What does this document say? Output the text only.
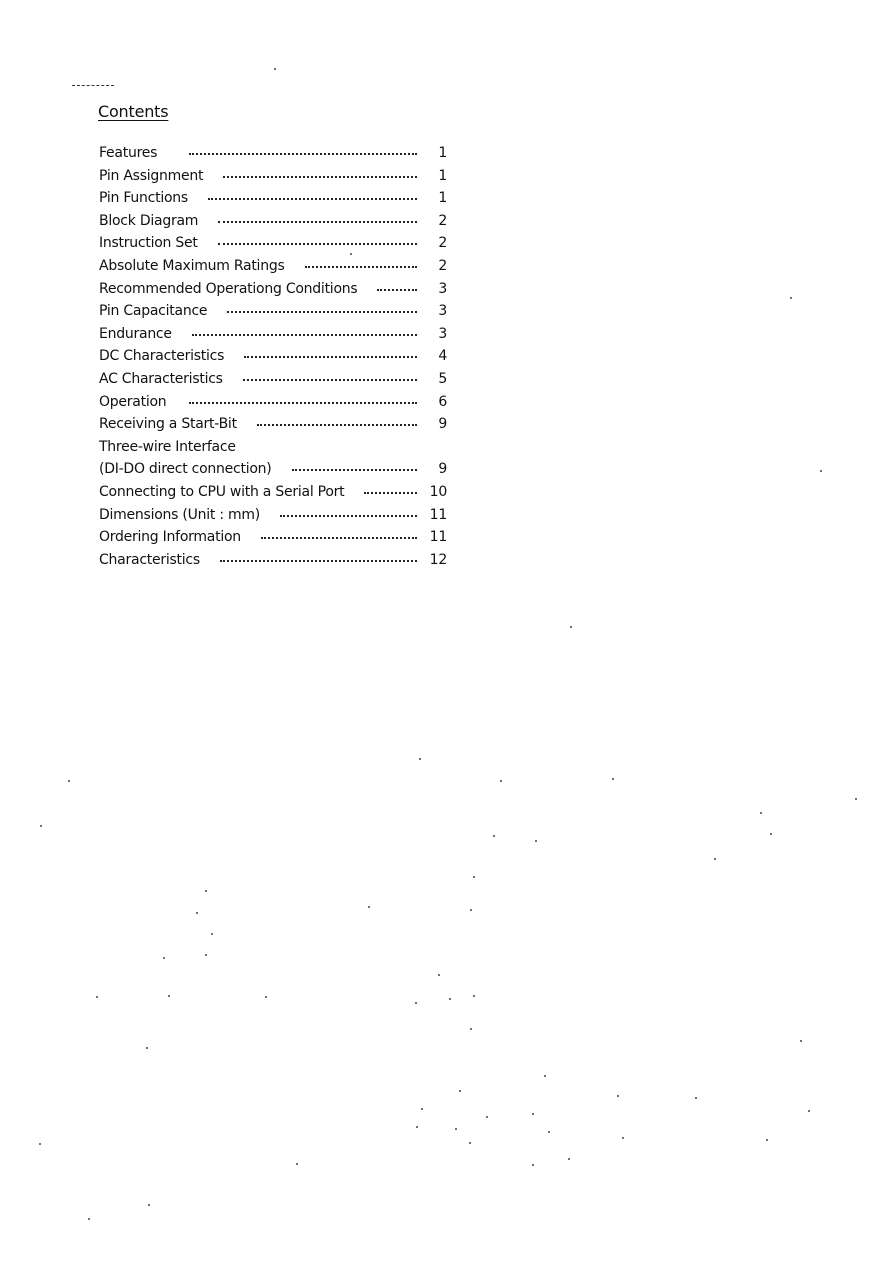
Contents
Features	1
Pin Assignment	1
Pin Functions	1
Block Diagram	2
Instruction Set	2
Absolute Maximum Ratings	2
Recommended Operationg Conditions	3
Pin Capacitance	3
Endurance	3
DC Characteristics	4
AC Characteristics	5
Operation	6
Receiving a Start-Bit	9
Three-wire Interface
(DI-DO direct connection)	9
Connecting to CPU with a Serial Port	10
Dimensions (Unit : mm)	11
Ordering Information	11
Characteristics	12
